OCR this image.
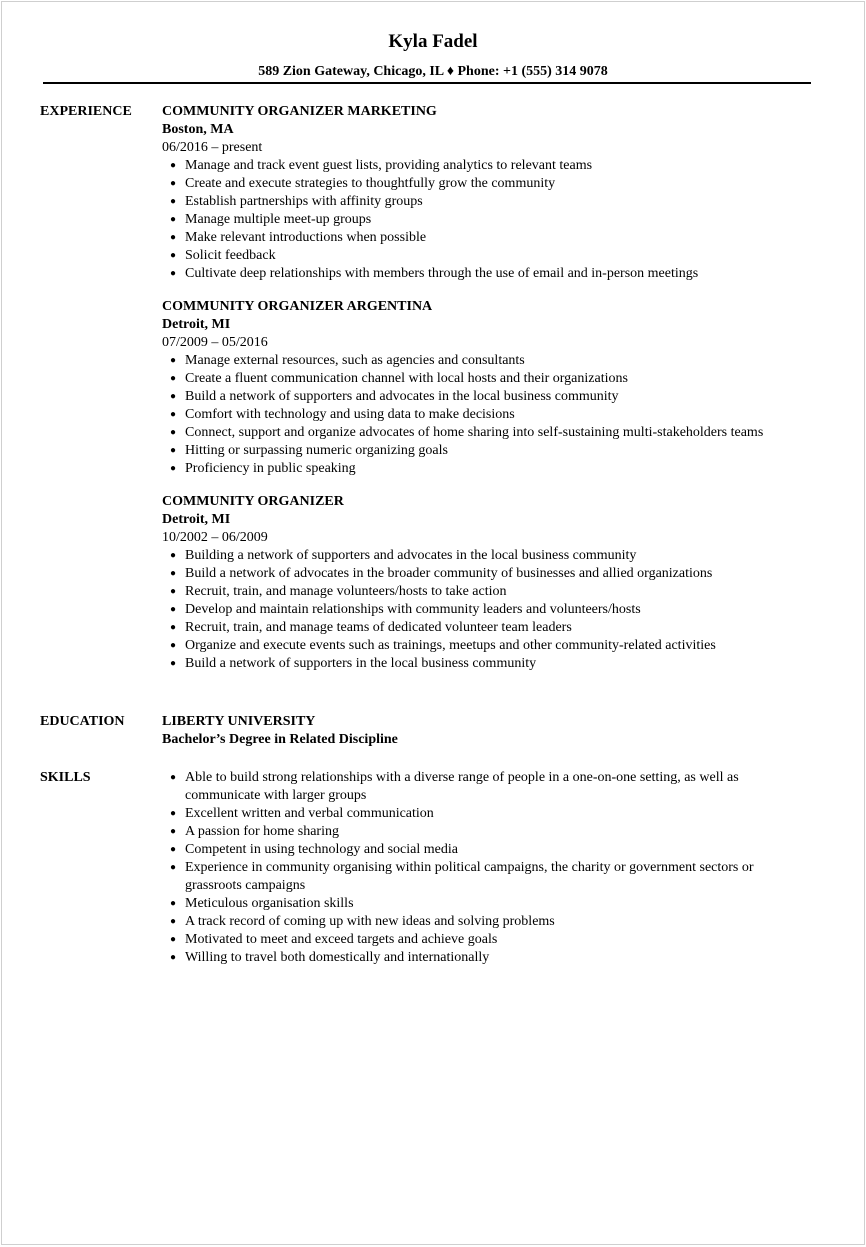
Kyla Fadel
589 Zion Gateway, Chicago, IL ♦ Phone: +1 (555) 314 9078
EXPERIENCE COMMUNITY ORGANIZER MARKETING
Boston, MA
06/2016 – present
● Manage and track event guest lists, providing analytics to relevant teams
● Create and execute strategies to thoughtfully grow the community
● Establish partnerships with affinity groups
● Manage multiple meet-up groups
● Make relevant introductions when possible
● Solicit feedback
● Cultivate deep relationships with members through the use of email and in-person meetings
COMMUNITY ORGANIZER ARGENTINA
Detroit, MI
07/2009 – 05/2016
● Manage external resources, such as agencies and consultants
● Create a fluent communication channel with local hosts and their organizations
● Build a network of supporters and advocates in the local business community
● Comfort with technology and using data to make decisions
● Connect, support and organize advocates of home sharing into self-sustaining multi-stakeholders teams
● Hitting or surpassing numeric organizing goals
● Proficiency in public speaking
COMMUNITY ORGANIZER
Detroit, MI
10/2002 – 06/2009
● Building a network of supporters and advocates in the local business community
● Build a network of advocates in the broader community of businesses and allied organizations
● Recruit, train, and manage volunteers/hosts to take action
● Develop and maintain relationships with community leaders and volunteers/hosts
● Recruit, train, and manage teams of dedicated volunteer team leaders
● Organize and execute events such as trainings, meetups and other community-related activities
● Build a network of supporters in the local business community
EDUCATION	LIBERTY UNIVERSITY
Bachelor’s Degree in Related Discipline
SKILLS	● Able to build strong relationships with a diverse range of people in a one-on-one setting, as well as communicate with larger groups
● Excellent written and verbal communication
● A passion for home sharing
● Competent in using technology and social media
● Experience in community organising within political campaigns, the charity or government sectors or grassroots campaigns
● Meticulous organisation skills
● A track record of coming up with new ideas and solving problems
● Motivated to meet and exceed targets and achieve goals
● Willing to travel both domestically and internationally
